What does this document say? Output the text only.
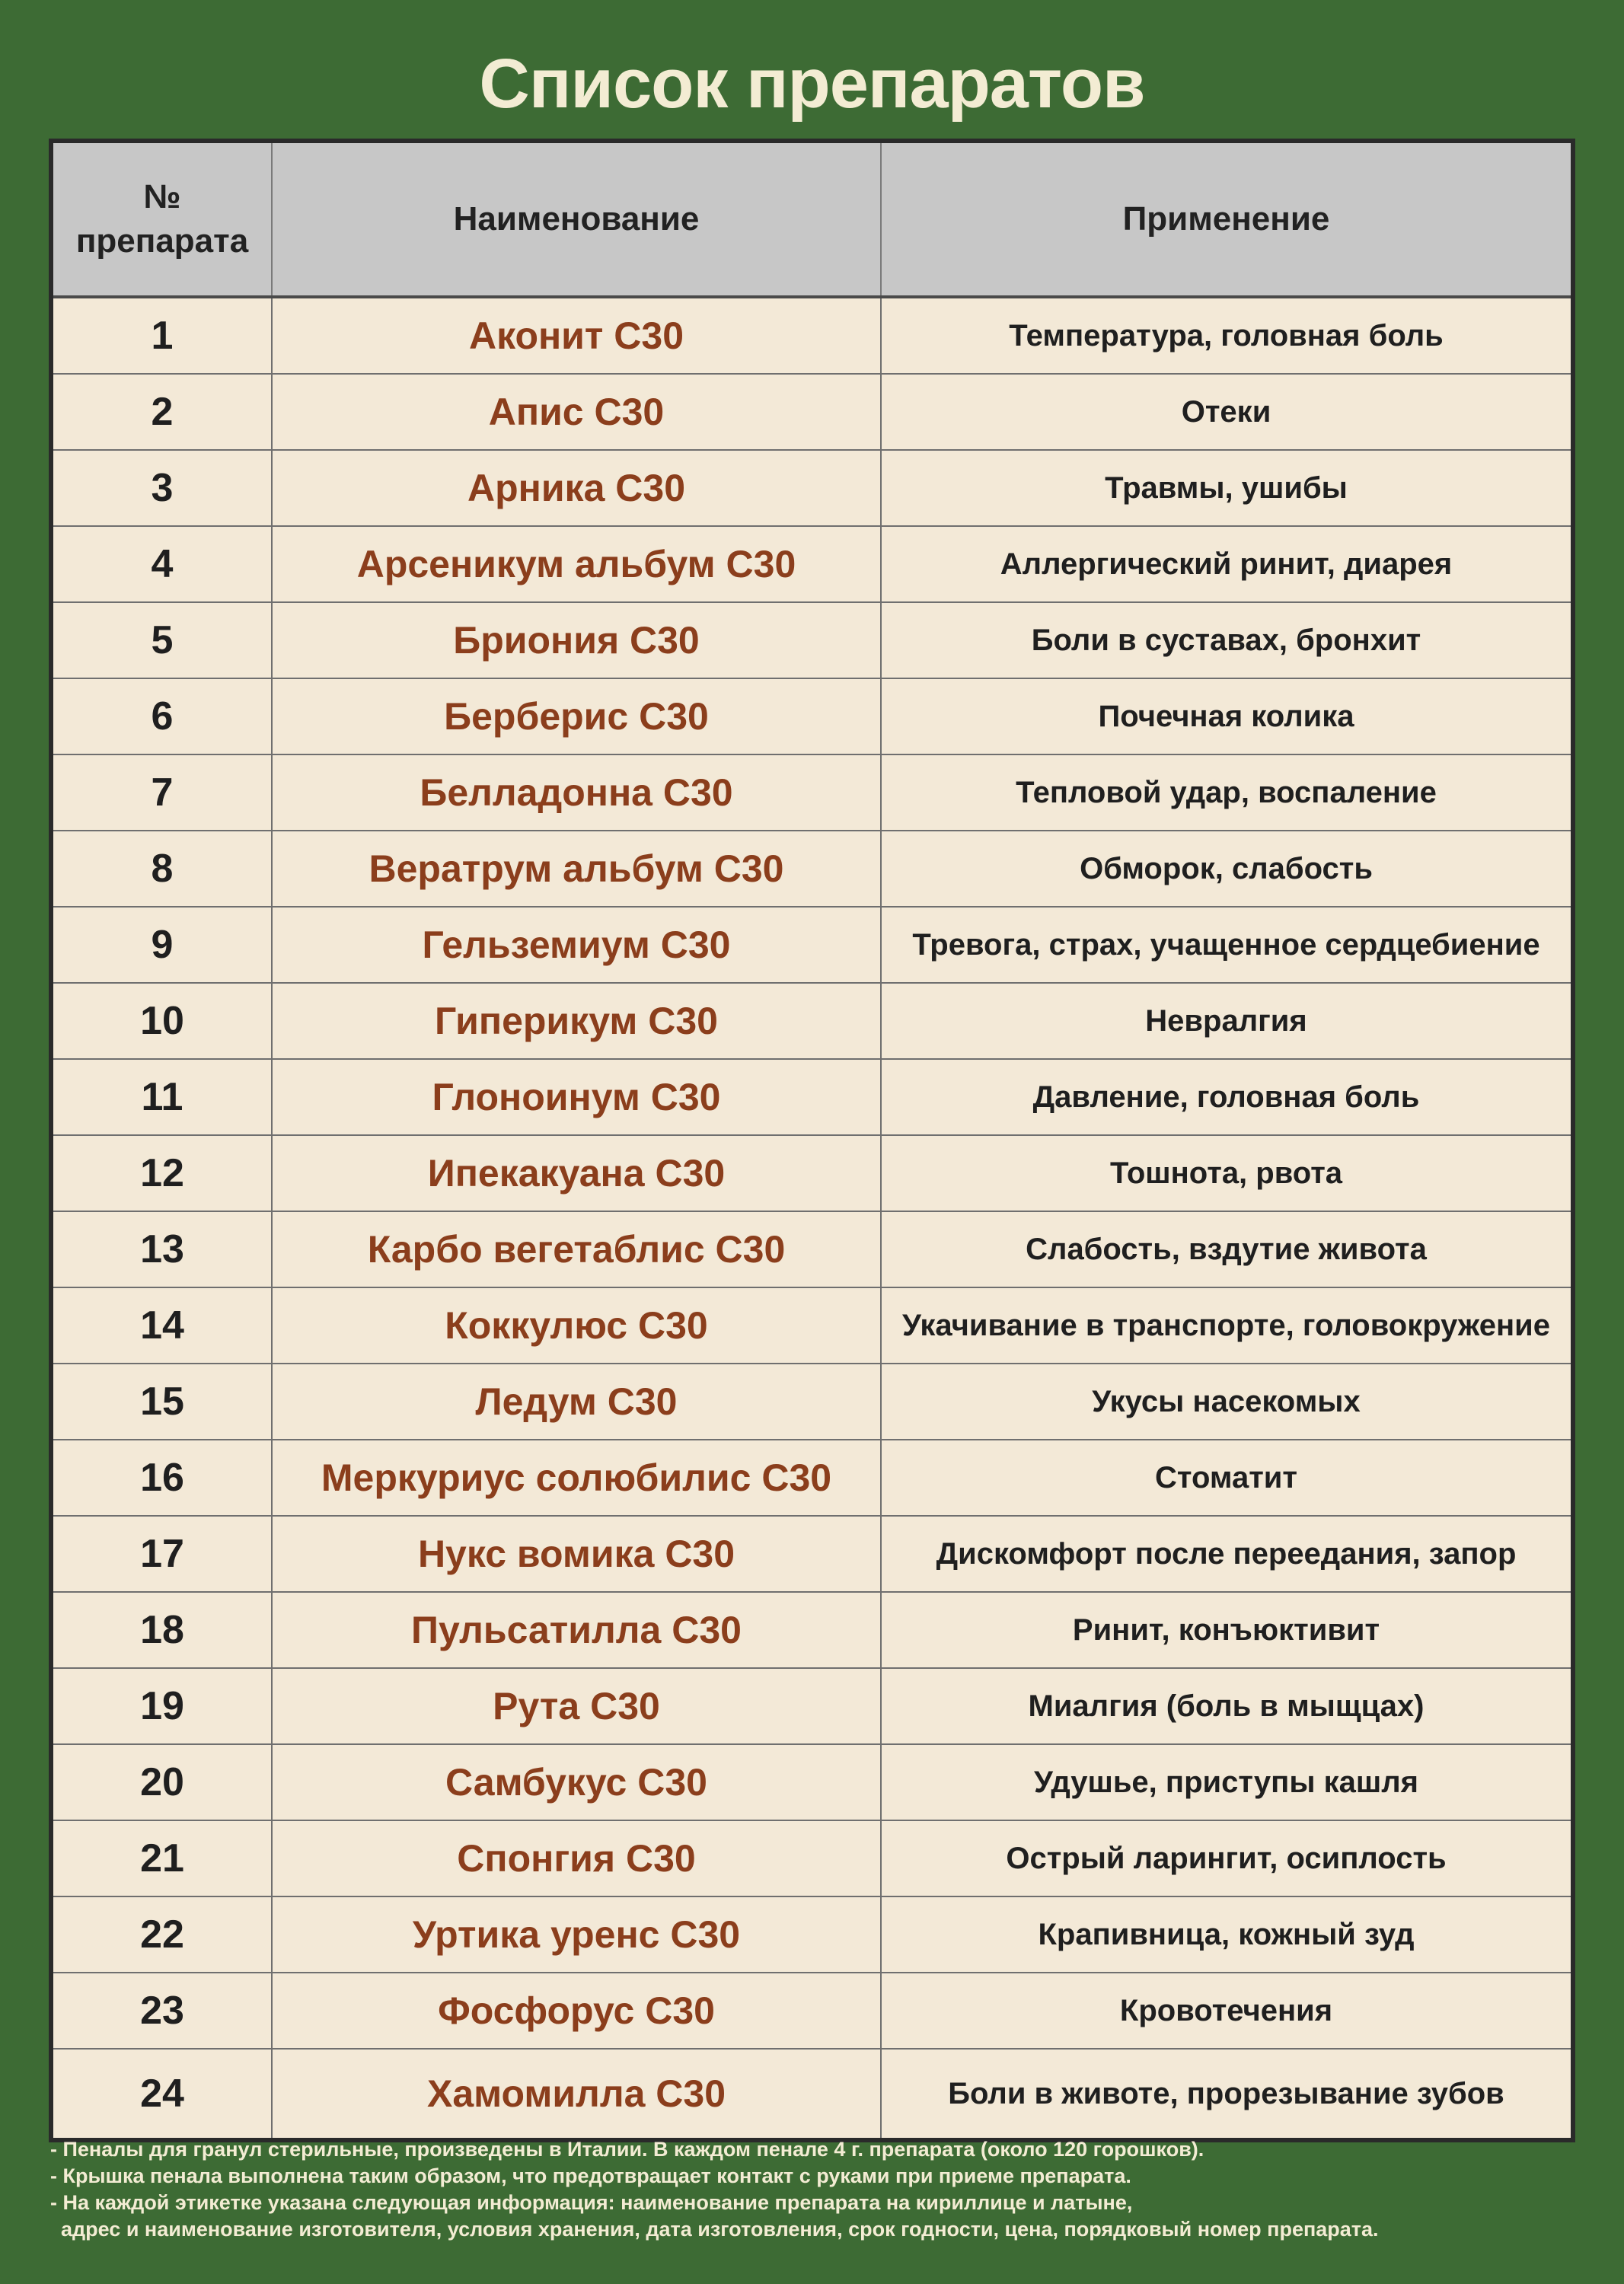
Список препаратов
№
препарата	Наименование	Применение
1	Аконит С30	Температура, головная боль
2	Апис С30	Отеки
3	Арника С30	Травмы, ушибы
4	Арсеникум альбум С30	Аллергический ринит, диарея
5	Бриония С30	Боли в суставах, бронхит
6	Берберис С30	Почечная колика
7	Белладонна С30	Тепловой удар, воспаление
8	Вератрум альбум С30	Обморок, слабость
9	Гельземиум С30	Тревога, страх, учащенное сердцебиение
10	Гиперикум С30	Невралгия
11	Глоноинум С30	Давление, головная боль
12	Ипекакуана С30	Тошнота, рвота
13	Карбо вегетаблис С30	Слабость, вздутие живота
14	Коккулюс С30	Укачивание в транспорте, головокружение
15	Ледум С30	Укусы насекомых
16	Меркуриус солюбилис С30	Стоматит
17	Нукс вомика С30	Дискомфорт после переедания, запор
18	Пульсатилла С30	Ринит, конъюктивит
19	Рута С30	Миалгия (боль в мыщцах)
20	Самбукус С30	Удушье, приступы кашля
21	Спонгия С30	Острый ларингит, осиплость
22	Уртика уренс С30	Крапивница, кожный зуд
23	Фосфорус С30	Кровотечения
24	Хамомилла С30	Боли в животе, прорезывание зубов
- Пеналы для гранул стерильные, произведены в Италии. В каждом пенале 4 г. препарата (около 120 горошков).
- Крышка пенала выполнена таким образом, что предотвращает контакт с руками при приеме препарата.
- На каждой этикетке указана следующая информация: наименование препарата на кириллице и латыне,
адрес и наименование изготовителя, условия хранения, дата изготовления, срок годности, цена, порядковый номер препарата.
